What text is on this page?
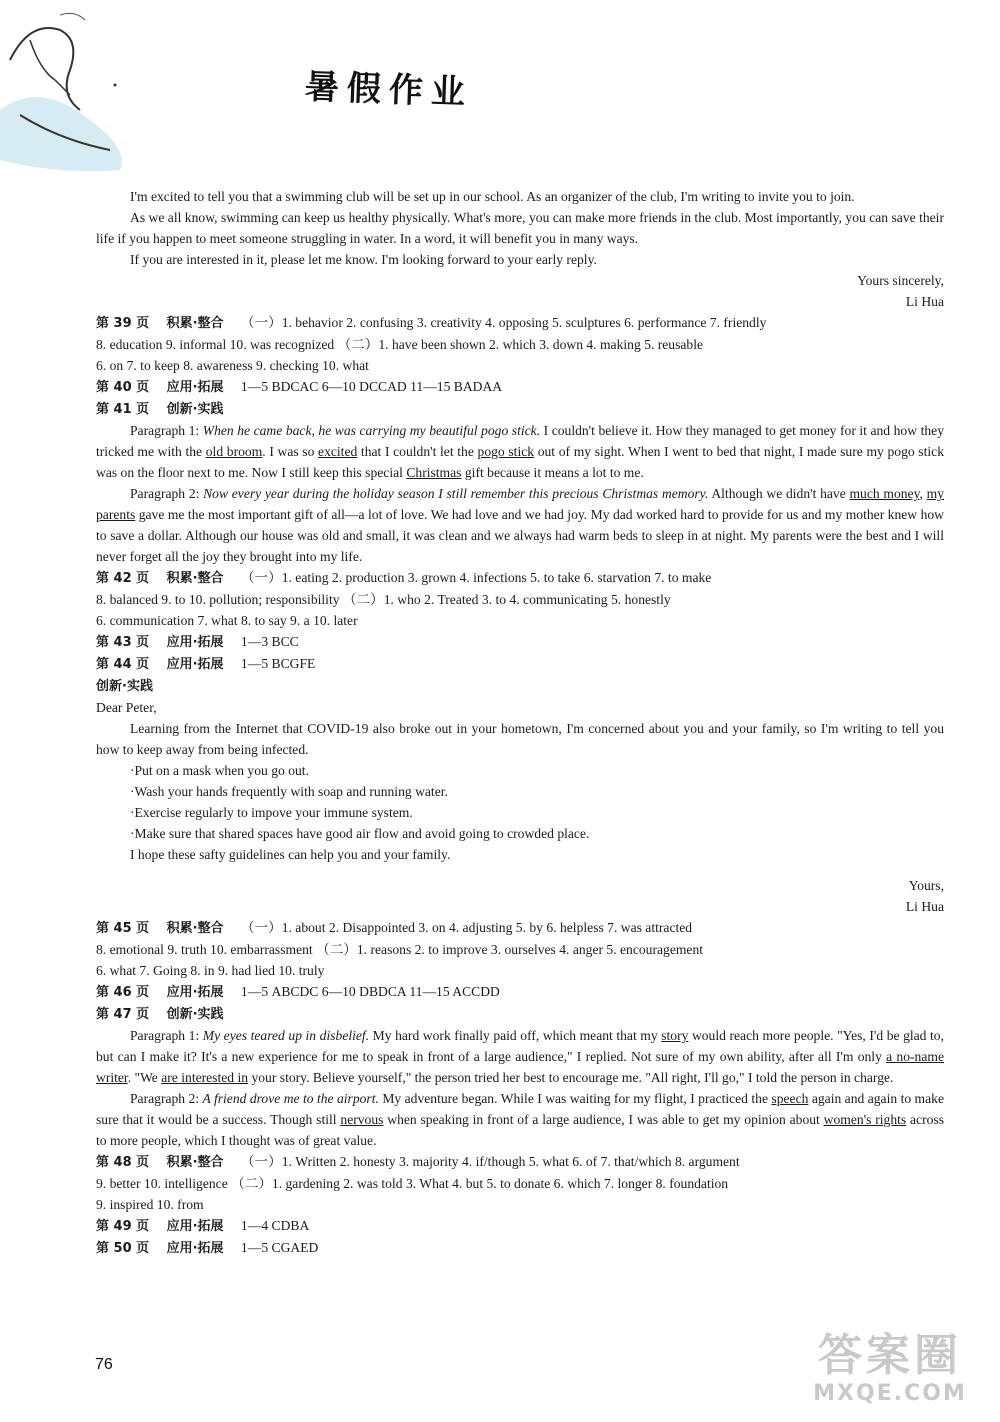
暑假作业

I'm excited to tell you that a swimming club will be set up in our school. As an organizer of the club, I'm writing to invite you to join.

As we all know, swimming can keep us healthy physically. What's more, you can make more friends in the club. Most importantly, you can save their life if you happen to meet someone struggling in water. In a word, it will benefit you in many ways.

If you are interested in it, please let me know. I'm looking forward to your early reply.

Yours sincerely,

Li Hua

第 39 页 积累·整合 （一）1. behavior 2. confusing 3. creativity 4. opposing 5. sculptures 6. performance 7. friendly

8. education 9. informal 10. was recognized （二）1. have been shown 2. which 3. down 4. making 5. reusable

6. on 7. to keep 8. awareness 9. checking 10. what

第 40 页 应用·拓展 1—5 BDCAC 6—10 DCCAD 11—15 BADAA

第 41 页 创新·实践

Paragraph 1: When he came back, he was carrying my beautiful pogo stick. I couldn't believe it. How they managed to get money for it and how they tricked me with the old broom. I was so excited that I couldn't let the pogo stick out of my sight. When I went to bed that night, I made sure my pogo stick was on the floor next to me. Now I still keep this special Christmas gift because it means a lot to me.

Paragraph 2: Now every year during the holiday season I still remember this precious Christmas memory. Although we didn't have much money, my parents gave me the most important gift of all—a lot of love. We had love and we had joy. My dad worked hard to provide for us and my mother knew how to save a dollar. Although our house was old and small, it was clean and we always had warm beds to sleep in at night. My parents were the best and I will never forget all the joy they brought into my life.

第 42 页 积累·整合 （一）1. eating 2. production 3. grown 4. infections 5. to take 6. starvation 7. to make

8. balanced 9. to 10. pollution; responsibility （二）1. who 2. Treated 3. to 4. communicating 5. honestly

6. communication 7. what 8. to say 9. a 10. later

第 43 页 应用·拓展 1—3 BCC

第 44 页 应用·拓展 1—5 BCGFE

创新·实践

Dear Peter,

Learning from the Internet that COVID-19 also broke out in your hometown, I'm concerned about you and your family, so I'm writing to tell you how to keep away from being infected.

·Put on a mask when you go out.

·Wash your hands frequently with soap and running water.

·Exercise regularly to impove your immune system.

·Make sure that shared spaces have good air flow and avoid going to crowded place.

I hope these safty guidelines can help you and your family.

Yours,

Li Hua

第 45 页 积累·整合 （一）1. about 2. Disappointed 3. on 4. adjusting 5. by 6. helpless 7. was attracted

8. emotional 9. truth 10. embarrassment （二）1. reasons 2. to improve 3. ourselves 4. anger 5. encouragement

6. what 7. Going 8. in 9. had lied 10. truly

第 46 页 应用·拓展 1—5 ABCDC 6—10 DBDCA 11—15 ACCDD

第 47 页 创新·实践

Paragraph 1: My eyes teared up in disbelief. My hard work finally paid off, which meant that my story would reach more people. "Yes, I'd be glad to, but can I make it? It's a new experience for me to speak in front of a large audience," I replied. Not sure of my own ability, after all I'm only a no-name writer. "We are interested in your story. Believe yourself," the person tried her best to encourage me. "All right, I'll go," I told the person in charge.

Paragraph 2: A friend drove me to the airport. My adventure began. While I was waiting for my flight, I practiced the speech again and again to make sure that it would be a success. Though still nervous when speaking in front of a large audience, I was able to get my opinion about women's rights across to more people, which I thought was of great value.

第 48 页 积累·整合 （一）1. Written 2. honesty 3. majority 4. if/though 5. what 6. of 7. that/which 8. argument

9. better 10. intelligence （二）1. gardening 2. was told 3. What 4. but 5. to donate 6. which 7. longer 8. foundation

9. inspired 10. from

第 49 页 应用·拓展 1—4 CDBA

第 50 页 应用·拓展 1—5 CGAED

76	答案圈
MXQE.COM
